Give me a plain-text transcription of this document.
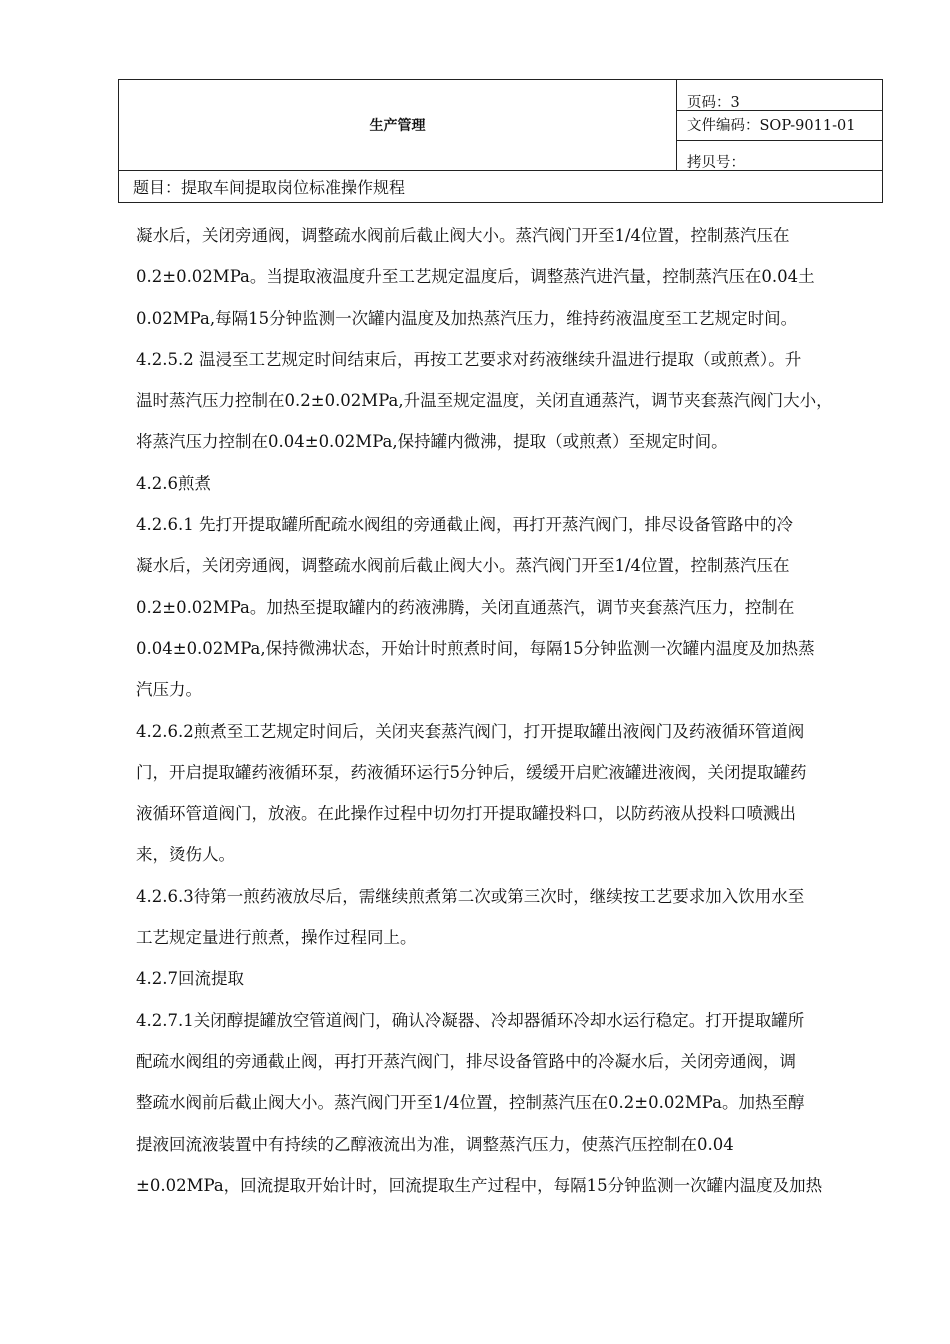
生产管理
页码：3
文件编码：SOP-9011-01
拷贝号：
题目：提取车间提取岗位标准操作规程
凝水后，关闭旁通阀，调整疏水阀前后截止阀大小。蒸汽阀门开至1/4位置，控制蒸汽压在
0.2±0.02MPa。当提取液温度升至工艺规定温度后，调整蒸汽进汽量，控制蒸汽压在0.04土
0.02MPa,每隔15分钟监测一次罐内温度及加热蒸汽压力，维持药液温度至工艺规定时间。
4.2.5.2 温浸至工艺规定时间结束后，再按工艺要求对药液继续升温进行提取（或煎煮）。升
温时蒸汽压力控制在0.2±0.02MPa,升温至规定温度，关闭直通蒸汽，调节夹套蒸汽阀门大小，
将蒸汽压力控制在0.04±0.02MPa,保持罐内微沸，提取（或煎煮）至规定时间。
4.2.6煎煮
4.2.6.1 先打开提取罐所配疏水阀组的旁通截止阀，再打开蒸汽阀门，排尽设备管路中的冷
凝水后，关闭旁通阀，调整疏水阀前后截止阀大小。蒸汽阀门开至1/4位置，控制蒸汽压在
0.2±0.02MPa。加热至提取罐内的药液沸腾，关闭直通蒸汽，调节夹套蒸汽压力，控制在
0.04±0.02MPa,保持微沸状态，开始计时煎煮时间，每隔15分钟监测一次罐内温度及加热蒸
汽压力。
4.2.6.2煎煮至工艺规定时间后，关闭夹套蒸汽阀门，打开提取罐出液阀门及药液循环管道阀
门，开启提取罐药液循环泵，药液循环运行5分钟后，缓缓开启贮液罐进液阀，关闭提取罐药
液循环管道阀门，放液。在此操作过程中切勿打开提取罐投料口，以防药液从投料口喷溅出
来，烫伤人。
4.2.6.3待第一煎药液放尽后，需继续煎煮第二次或第三次时，继续按工艺要求加入饮用水至
工艺规定量进行煎煮，操作过程同上。
4.2.7回流提取
4.2.7.1关闭醇提罐放空管道阀门，确认冷凝器、冷却器循环冷却水运行稳定。打开提取罐所
配疏水阀组的旁通截止阀，再打开蒸汽阀门，排尽设备管路中的冷凝水后，关闭旁通阀，调
整疏水阀前后截止阀大小。蒸汽阀门开至1/4位置，控制蒸汽压在0.2±0.02MPa。加热至醇
提液回流液装置中有持续的乙醇液流出为准，调整蒸汽压力，使蒸汽压控制在0.04
±0.02MPa，回流提取开始计时，回流提取生产过程中，每隔15分钟监测一次罐内温度及加热
